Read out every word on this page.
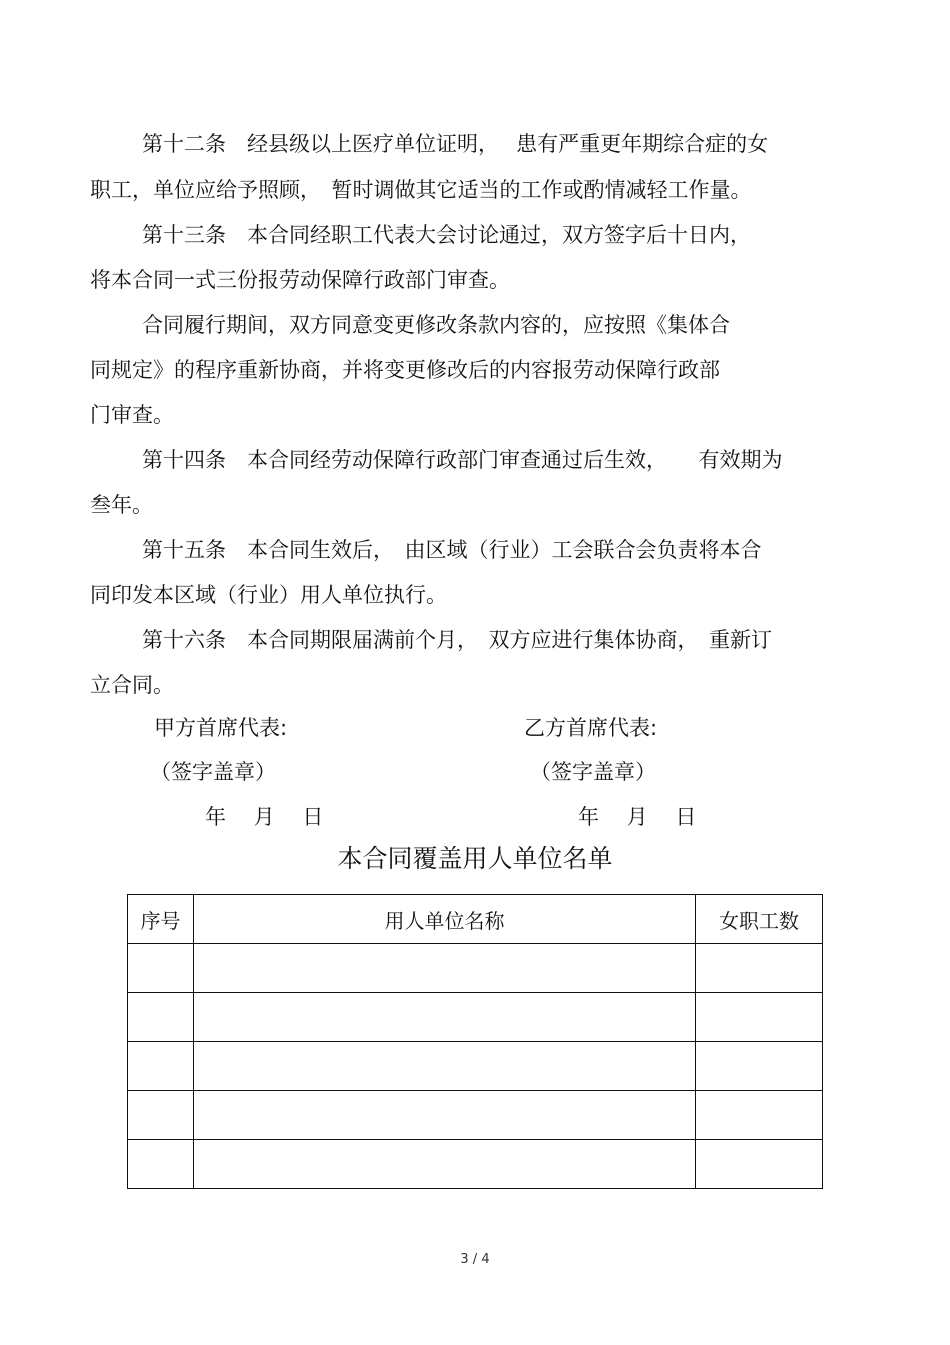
第十二条　经县级以上医疗单位证明，　 患有严重更年期综合症的女
职工，单位应给予照顾，　暂时调做其它适当的工作或酌情减轻工作量。
第十三条　本合同经职工代表大会讨论通过，双方签字后十日内，
将本合同一式三份报劳动保障行政部门审查。
合同履行期间，双方同意变更修改条款内容的，应按照《集体合
同规定》的程序重新协商，并将变更修改后的内容报劳动保障行政部
门审查。
第十四条　本合同经劳动保障行政部门审查通过后生效，　　有效期为
叁年。
第十五条　本合同生效后，　由区域（行业）工会联合会负责将本合
同印发本区域（行业）用人单位执行。
第十六条　本合同期限届满前个月，　双方应进行集体协商，　重新订
立合同。
甲方首席代表:	乙方首席代表:
（签字盖章）	（签字盖章）
年　 月　 日	年　 月　 日
本合同覆盖用人单位名单
序号	用人单位名称	女职工数

3 / 4
